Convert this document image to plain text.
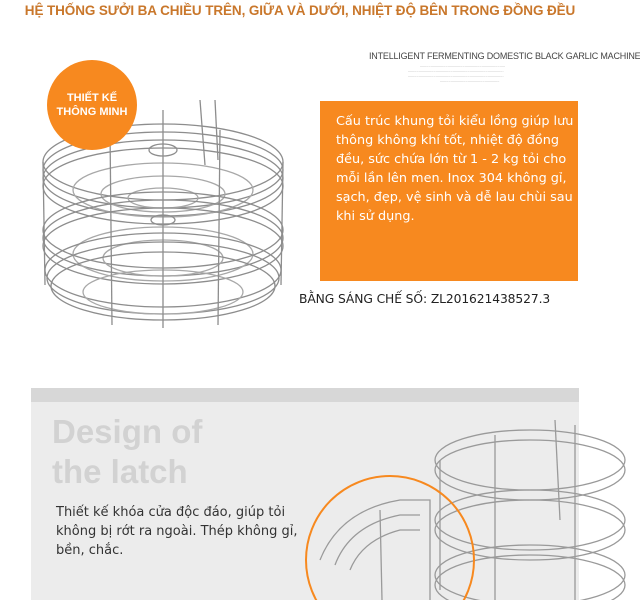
HỆ THỐNG SƯỞI BA CHIỀU TRÊN, GIỮA VÀ DƯỚI, NHIỆT ĐỘ BÊN TRONG ĐỒNG ĐỀU
INTELLIGENT FERMENTING DOMESTIC BLACK GARLIC MACHINE
················································································
··························································································
··························································································
························································
THIẾT KẾ
THÔNG MINH
Cấu trúc khung tỏi kiểu lồng giúp lưu thông không khí tốt, nhiệt độ đồng đều, sức chứa lớn từ 1 - 2 kg tỏi cho mỗi lần lên men. Inox 304 không gỉ, sạch, đẹp, vệ sinh và dễ lau chùi sau khi sử dụng.
BẰNG SÁNG CHẾ SỐ: ZL201621438527.3
Design of
the latch
Thiết kế khóa cửa độc đáo, giúp tỏi không bị rớt ra ngoài. Thép không gỉ, bền, chắc.
